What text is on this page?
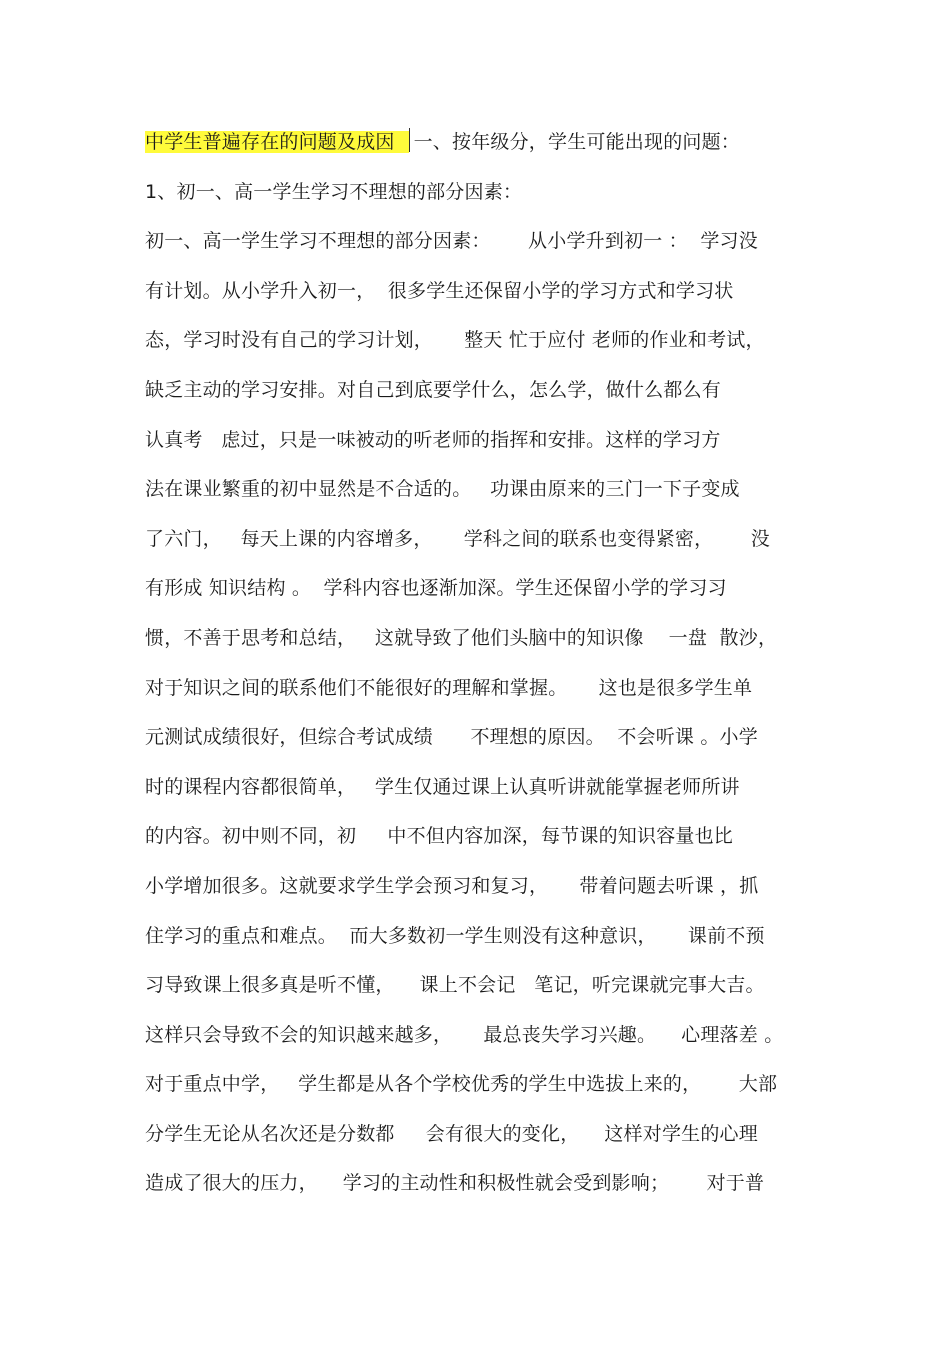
中学生普遍存在的问题及成因 一、按年级分，学生可能出现的问题：
1、初一、高一学生学习不理想的部分因素：
初一、高一学生学习不理想的部分因素：      从小学升到初一 ：  学习没
有计划。从小学升入初一，  很多学生还保留小学的学习方式和学习状
态，学习时没有自己的学习计划，     整天 忙于应付 老师的作业和考试，
缺乏主动的学习安排。对自己到底要学什么，怎么学，做什么都么有
认真考   虑过，只是一味被动的听老师的指挥和安排。这样的学习方
法在课业繁重的初中显然是不合适的。   功课由原来的三门一下子变成
了六门，   每天上课的内容增多，     学科之间的联系也变得紧密，      没
有形成 知识结构 。  学科内容也逐渐加深。学生还保留小学的学习习
惯，不善于思考和总结，   这就导致了他们头脑中的知识像    一盘  散沙，
对于知识之间的联系他们不能很好的理解和掌握。     这也是很多学生单
元测试成绩很好，但综合考试成绩      不理想的原因。  不会听课 。小学
时的课程内容都很简单，   学生仅通过课上认真听讲就能掌握老师所讲
的内容。初中则不同，初     中不但内容加深，每节课的知识容量也比
小学增加很多。这就要求学生学会预习和复习，     带着问题去听课 ，抓
住学习的重点和难点。  而大多数初一学生则没有这种意识，     课前不预
习导致课上很多真是听不懂，    课上不会记   笔记，听完课就完事大吉。
这样只会导致不会的知识越来越多，     最总丧失学习兴趣。    心理落差 。
对于重点中学，   学生都是从各个学校优秀的学生中选拔上来的，      大部
分学生无论从名次还是分数都     会有很大的变化，    这样对学生的心理
造成了很大的压力，    学习的主动性和积极性就会受到影响；      对于普
